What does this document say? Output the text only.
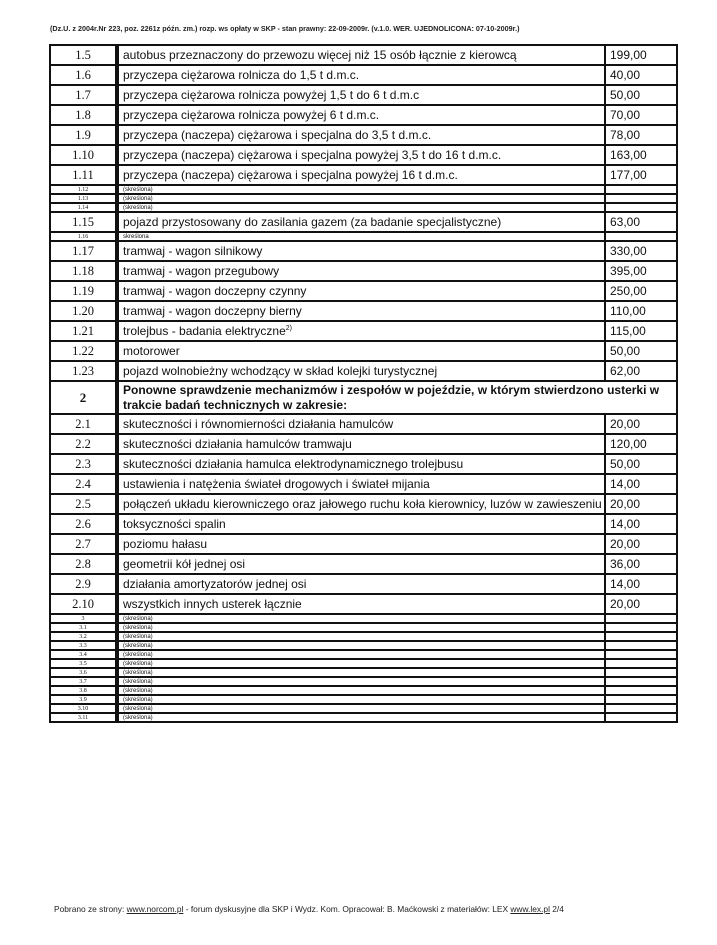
(Dz.U. z 2004r.Nr 223, poz. 2261z późn. zm.) rozp. ws opłaty w SKP - stan prawny: 22-09-2009r. (v.1.0. WER. UJEDNOLICONA: 07-10-2009r.)
1.5	autobus przeznaczony do przewozu więcej niż 15 osób łącznie z kierowcą	199,00
1.6	przyczepa ciężarowa rolnicza do 1,5 t d.m.c.	40,00
1.7	przyczepa ciężarowa rolnicza powyżej 1,5 t do 6 t d.m.c	50,00
1.8	przyczepa ciężarowa rolnicza powyżej 6 t d.m.c.	70,00
1.9	przyczepa (naczepa) ciężarowa i specjalna do 3,5 t d.m.c.	78,00
1.10	przyczepa (naczepa) ciężarowa i specjalna powyżej 3,5 t do 16 t d.m.c.	163,00
1.11	przyczepa (naczepa) ciężarowa i specjalna powyżej 16 t d.m.c.	177,00
1.12	(skreślona)	
1.13	(skreślona)	
1.14	(skreślona)	
1.15	pojazd przystosowany do zasilania gazem (za badanie specjalistyczne)	63,00
1.16	skreślona	
1.17	tramwaj - wagon silnikowy	330,00
1.18	tramwaj - wagon przegubowy	395,00
1.19	tramwaj - wagon doczepny czynny	250,00
1.20	tramwaj - wagon doczepny bierny	110,00
1.21	trolejbus - badania elektryczne$^{2)}$	115,00
1.22	motorower	50,00
1.23	pojazd wolnobieżny wchodzący w skład kolejki turystycznej	62,00
2	Ponowne sprawdzenie mechanizmów i zespołów w pojeździe, w którym stwierdzono usterki w trakcie badań technicznych w zakresie:	
2.1	skuteczności i równomierności działania hamulców	20,00
2.2	skuteczności działania hamulców tramwaju	120,00
2.3	skuteczności działania hamulca elektrodynamicznego trolejbusu	50,00
2.4	ustawienia i natężenia świateł drogowych i świateł mijania	14,00
2.5	połączeń układu kierowniczego oraz jałowego ruchu koła kierownicy, luzów w zawieszeniu	20,00
2.6	toksyczności spalin	14,00
2.7	poziomu hałasu	20,00
2.8	geometrii kół jednej osi	36,00
2.9	działania amortyzatorów jednej osi	14,00
2.10	wszystkich innych usterek łącznie	20,00
3	(skreślona)	
3.1	(skreślona)	
3.2	(skreślona)	
3.3	(skreślona)	
3.4	(skreślona)	
3.5	(skreślona)	
3.6	(skreślona)	
3.7	(skreślona)	
3.8	(skreślona)	
3.9	(skreślona)	
3.10	(skreślona)	
3.11	(skreślona)	
Pobrano ze strony: www.norcom.pl - forum dyskusyjne dla SKP i Wydz. Kom. Opracował: B. Maćkowski z materiałów: LEX www.lex.pl 2/4
